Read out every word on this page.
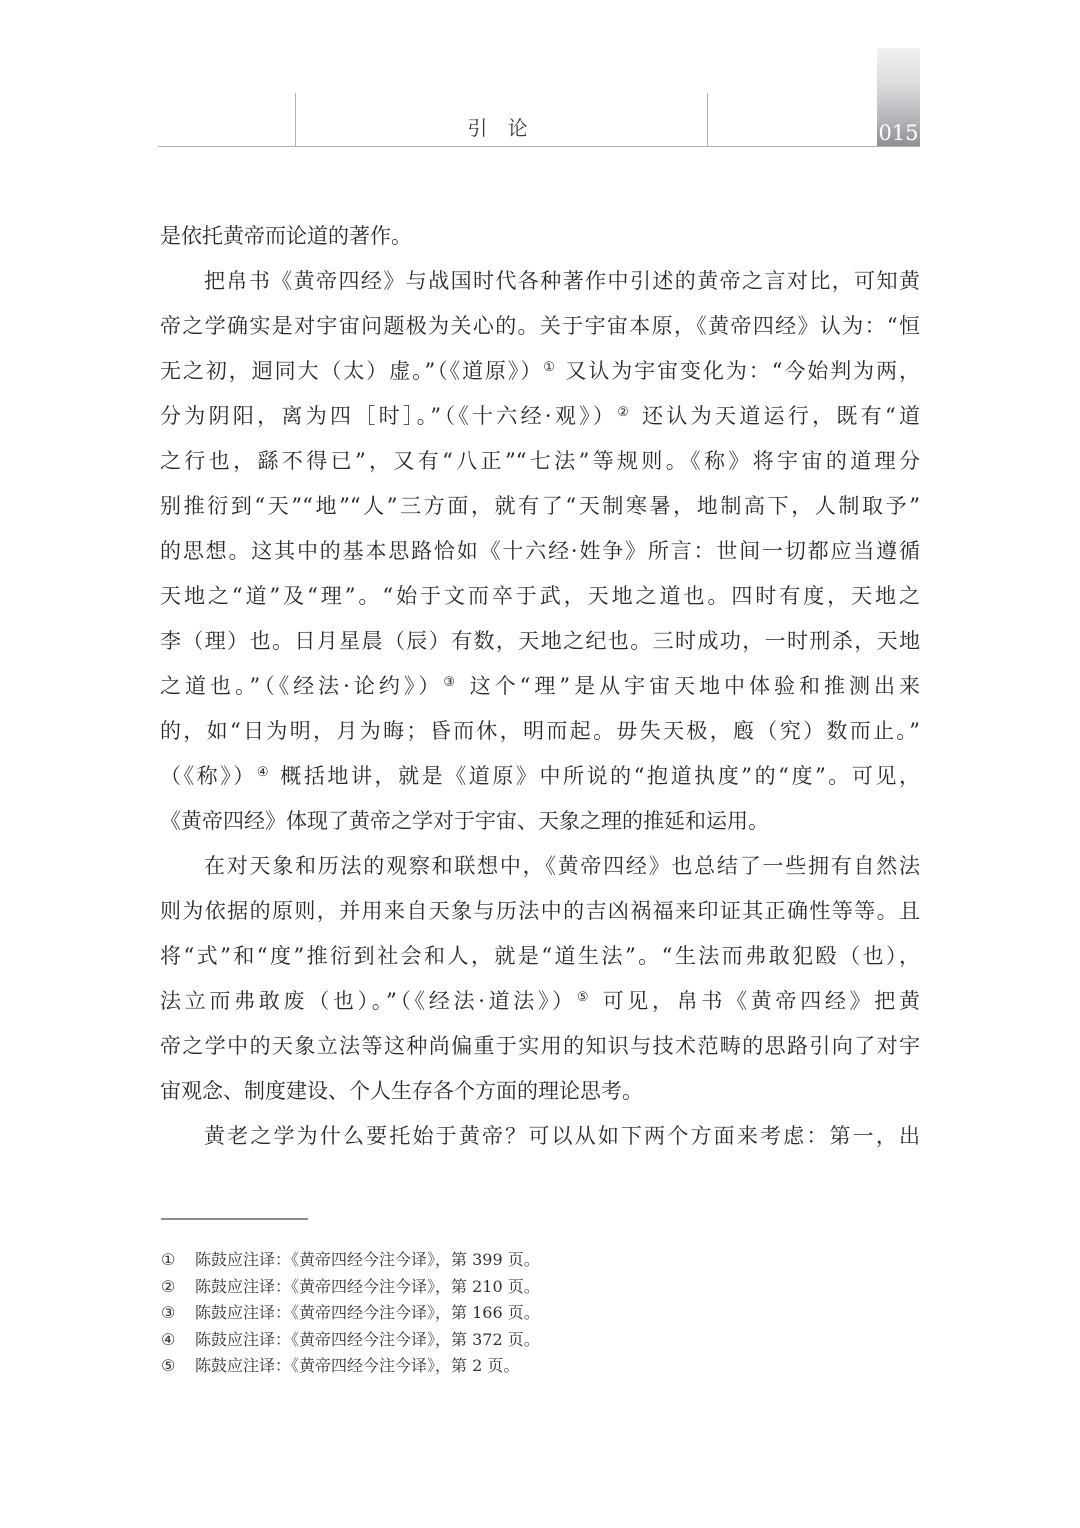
015
引 论
是依托黄帝而论道的著作。
把帛书《黄帝四经》与战国时代各种著作中引述的黄帝之言对比，可知黄
帝之学确实是对宇宙问题极为关心的。关于宇宙本原，《黄帝四经》认为：“恒
无之初，迵同大（太）虚。”（《道原》）① 又认为宇宙变化为：“今始判为两，
分为阴阳，离为四［时］。”（《十六经·观》）② 还认为天道运行，既有“道
之行也，繇不得已”，又有“八正”“七法”等规则。《称》将宇宙的道理分
别推衍到“天”“地”“人”三方面，就有了“天制寒暑，地制高下，人制取予”
的思想。这其中的基本思路恰如《十六经·姓争》所言：世间一切都应当遵循
天地之“道”及“理”。“始于文而卒于武，天地之道也。四时有度，天地之
李（理）也。日月星晨（辰）有数，天地之纪也。三时成功，一时刑杀，天地
之道也。”（《经法·论约》）③ 这个“理”是从宇宙天地中体验和推测出来
的，如“日为明，月为晦；昏而休，明而起。毋失天极，廏（究）数而止。”
（《称》）④ 概括地讲，就是《道原》中所说的“抱道执度”的“度”。可见，
《黄帝四经》体现了黄帝之学对于宇宙、天象之理的推延和运用。
在对天象和历法的观察和联想中，《黄帝四经》也总结了一些拥有自然法
则为依据的原则，并用来自天象与历法中的吉凶祸福来印证其正确性等等。且
将“式”和“度”推衍到社会和人，就是“道生法”。“生法而弗敢犯殹（也），
法立而弗敢废（也）。”（《经法·道法》）⑤ 可见，帛书《黄帝四经》把黄
帝之学中的天象立法等这种尚偏重于实用的知识与技术范畴的思路引向了对宇
宙观念、制度建设、个人生存各个方面的理论思考。
黄老之学为什么要托始于黄帝？可以从如下两个方面来考虑：第一，出
①	陈鼓应注译：《黄帝四经今注今译》，第 399 页。
②	陈鼓应注译：《黄帝四经今注今译》，第 210 页。
③	陈鼓应注译：《黄帝四经今注今译》，第 166 页。
④	陈鼓应注译：《黄帝四经今注今译》，第 372 页。
⑤	陈鼓应注译：《黄帝四经今注今译》，第 2 页。
